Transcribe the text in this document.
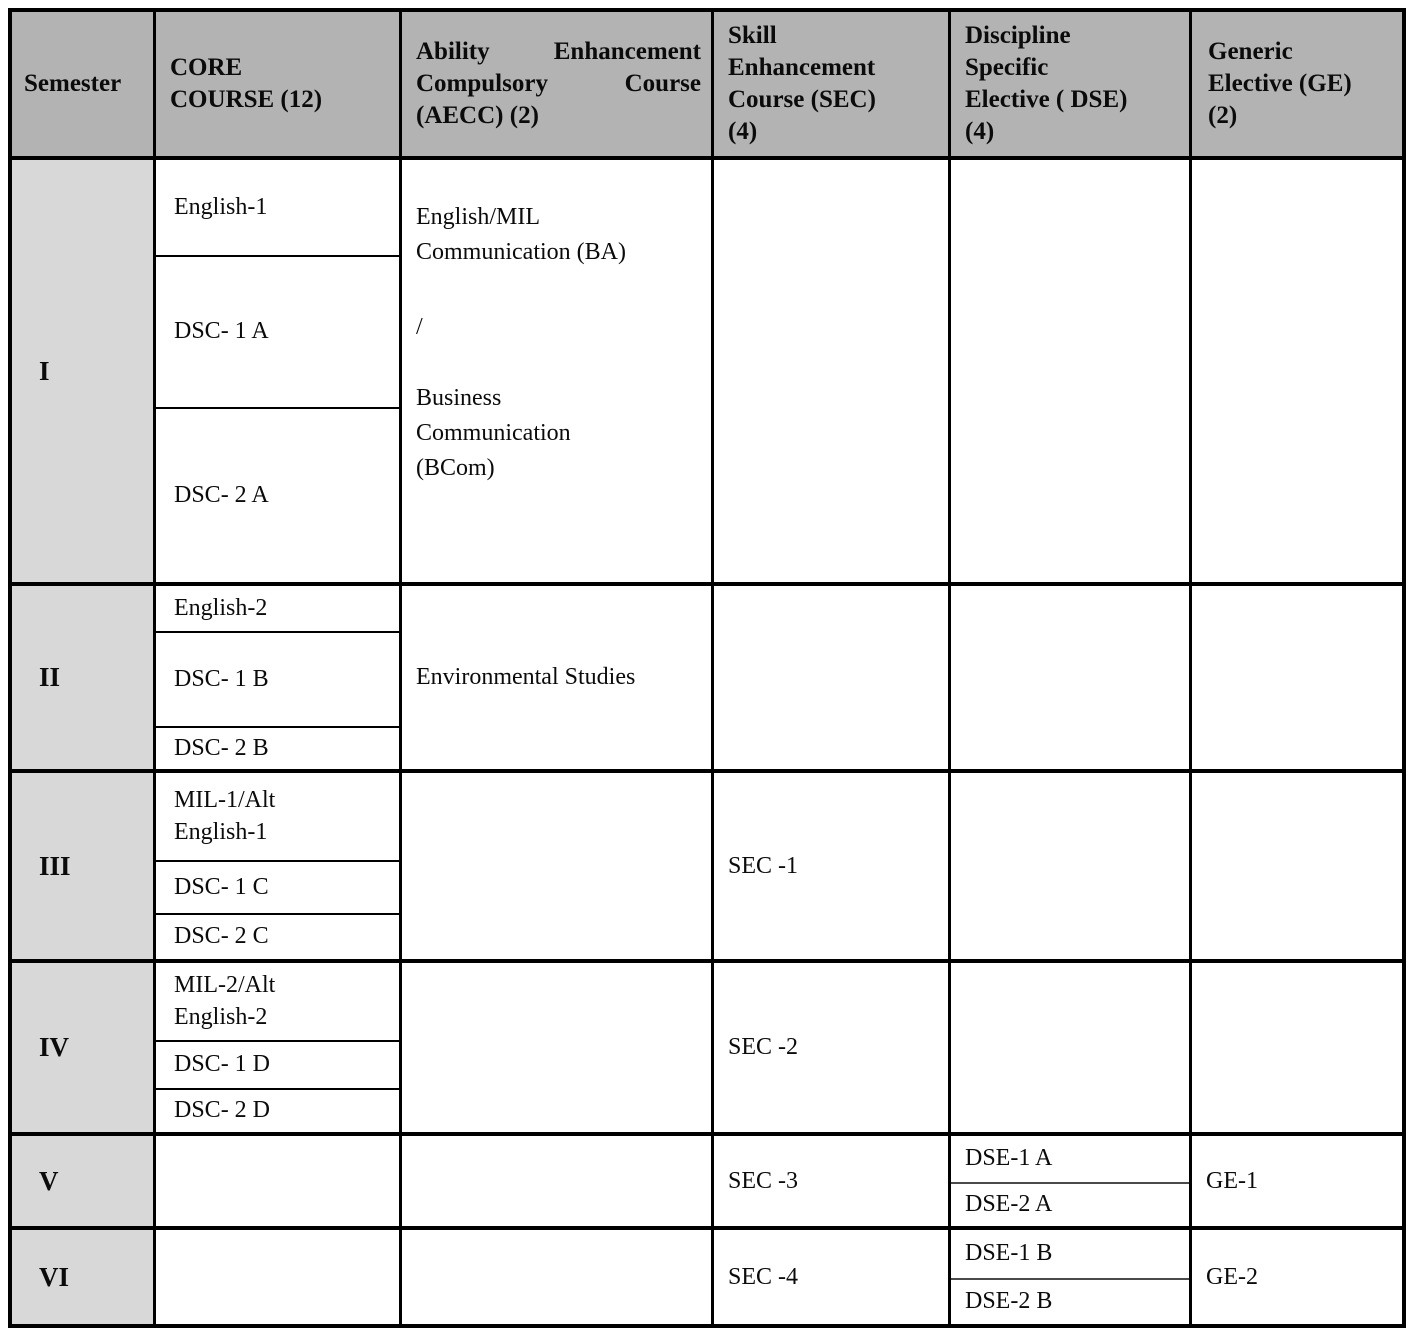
Semester
CORE COURSE (12)
Ability Enhancement Compulsory Course (AECC) (2)
Skill Enhancement Course (SEC) (4)
Discipline Specific Elective ( DSE) (4)
Generic Elective (GE) (2)
I
English-1
DSC- 1 A
DSC- 2 A
English/MIL Communication (BA)
/
Business Communication (BCom)
II
English-2
DSC- 1 B
DSC- 2 B
Environmental Studies
III
MIL-1/Alt English-1
DSC- 1 C
DSC- 2 C
SEC -1
IV
MIL-2/Alt English-2
DSC- 1 D
DSC- 2 D
SEC -2
V	SEC -3
DSE-1 A
DSE-2 A
GE-1
VI	SEC -4
DSE-1 B
DSE-2 B
GE-2
